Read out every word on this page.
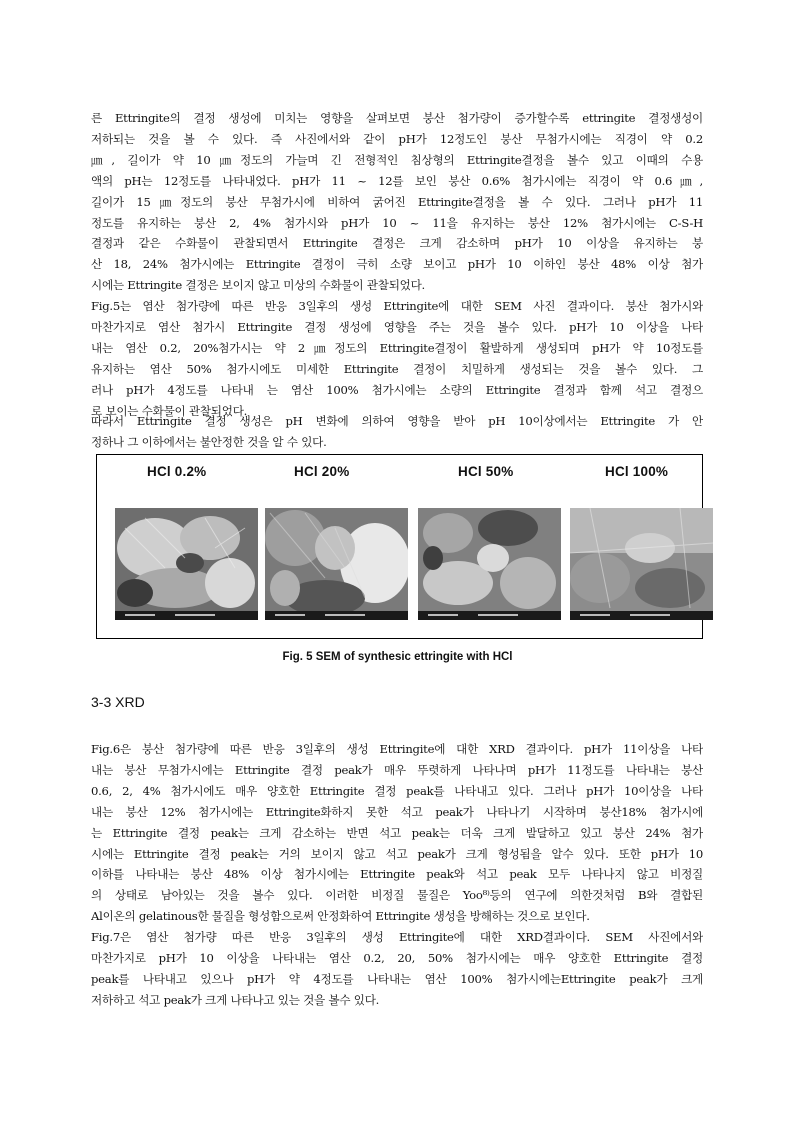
른 Ettringite의 결정 생성에 미치는 영향을 살펴보면 붕산 첨가량이 증가할수록 ettringite 결정생성이
저하되는 것을 볼 수 있다. 즉 사진에서와 같이 pH가 12정도인 붕산 무첨가시에는 직경이 약 0.2
㎛, 길이가 약 10㎛정도의 가늘며 긴 전형적인 침상형의 Ettringite결정을 볼수 있고 이때의 수용
액의 pH는 12정도를 나타내었다. pH가 11 ~ 12를 보인 붕산 0.6% 첨가시에는 직경이 약 0.6㎛,
길이가 15㎛정도의 붕산 무첨가시에 비하여 굵어진 Ettringite결정을 볼 수 있다. 그러나 pH가 11
정도를 유지하는 붕산 2, 4% 첨가시와 pH가 10 ~ 11을 유지하는 붕산 12% 첨가시에는 C-S-H
결정과 같은 수화물이 관찰되면서 Ettringite 결정은 크게 감소하며 pH가 10 이상을 유지하는 붕
산 18, 24% 첨가시에는 Ettringite 결정이 극히 소량 보이고 pH가 10 이하인 붕산 48% 이상 첨가
시에는 Ettringite 결정은 보이지 않고 미상의 수화물이 관찰되었다.
Fig.5는 염산 첨가량에 따른 반응 3일후의 생성 Ettringite에 대한 SEM 사진 결과이다. 붕산 첨가시와
마찬가지로 염산 첨가시 Ettringite 결정 생성에 영향을 주는 것을 볼수 있다. pH가 10 이상을 나타
내는 염산 0.2, 20%첨가시는 약 2㎛정도의 Ettringite결정이 활발하게 생성되며 pH가 약 10정도를
유지하는 염산 50% 첨가시에도 미세한 Ettringite 결정이 치밀하게 생성되는 것을 볼수 있다. 그
러나 pH가 4정도를 나타내 는 염산 100% 첨가시에는 소량의 Ettringite 결정과 함께 석고 결정으
로 보이는 수화물이 관찰되었다.
따라서 Ettringite 결정 생성은 pH 변화에 의하여 영향을 받아 pH 10이상에서는 Ettringite 가 안
정하나 그 이하에서는 불안정한 것을 알 수 있다.
HCl 0.2%	HCl 20%	HCl 50%	HCl 100%
Fig. 5 SEM of synthesic ettringite with HCl
3-3 XRD
Fig.6은 붕산 첨가량에 따른 반응 3일후의 생성 Ettringite에 대한 XRD 결과이다. pH가 11이상을 나타
내는 붕산 무첨가시에는 Ettringite 결정 peak가 매우 뚜렷하게 나타나며 pH가 11정도를 나타내는 붕산
0.6, 2, 4% 첨가시에도 매우 양호한 Ettringite 결정 peak를 나타내고 있다. 그러나 pH가 10이상을 나타
내는 붕산 12% 첨가시에는 Ettringite화하지 못한 석고 peak가 나타나기 시작하며 붕산18% 첨가시에
는 Ettringite 결정 peak는 크게 감소하는 반면 석고 peak는 더욱 크게 발달하고 있고 붕산 24% 첨가
시에는 Ettringite 결정 peak는 거의 보이지 않고 석고 peak가 크게 형성됨을 알수 있다. 또한 pH가 10
이하를 나타내는 붕산 48% 이상 첨가시에는 Ettringite peak와 석고 peak 모두 나타나지 않고 비정질
의 상태로 남아있는 것을 볼수 있다. 이러한 비정질 물질은 Yoo⁸⁾등의 연구에 의한것처럼 B와 결합된
Al이온의 gelatinous한 물질을 형성함으로써 안정화하여 Ettringite 생성을 방해하는 것으로 보인다.
Fig.7은 염산 첨가량 따른 반응 3일후의 생성 Ettringite에 대한 XRD결과이다. SEM 사진에서와
마찬가지로 pH가 10 이상을 나타내는 염산 0.2, 20, 50% 첨가시에는 매우 양호한 Ettringite 결정
peak를 나타내고 있으나 pH가 약 4정도를 나타내는 염산 100% 첨가시에는Ettringite peak가 크게
저하하고 석고 peak가 크게 나타나고 있는 것을 볼수 있다.
